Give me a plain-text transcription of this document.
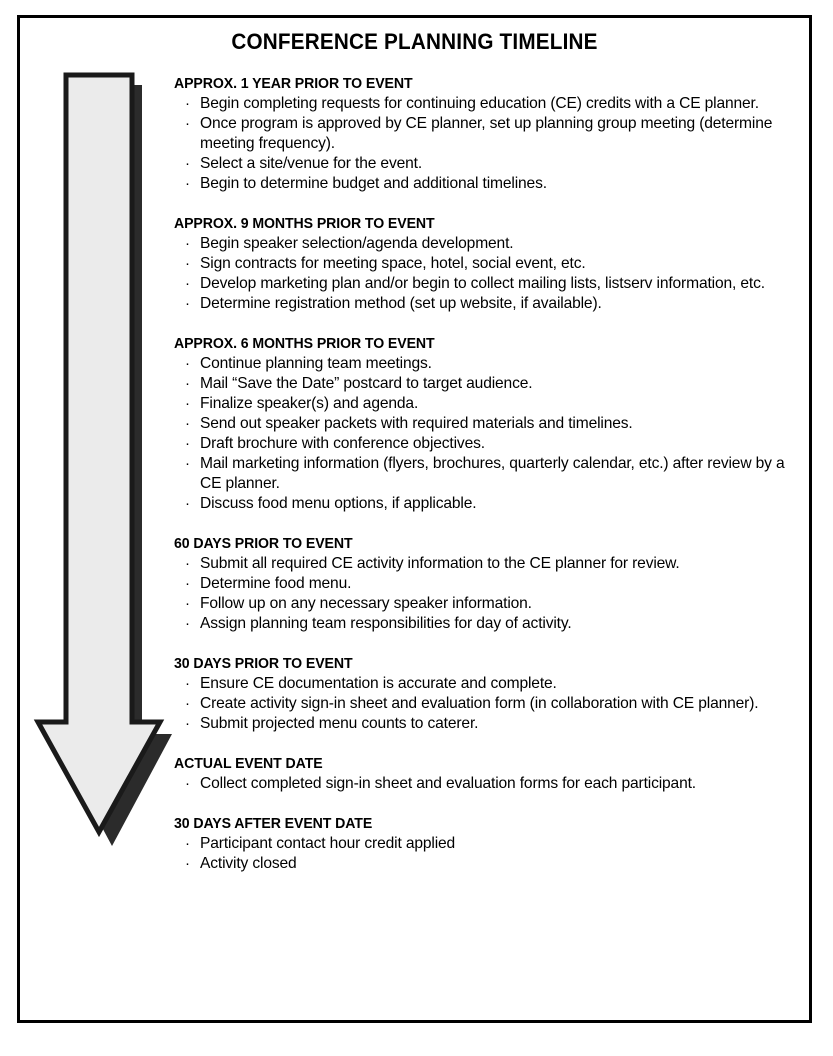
CONFERENCE PLANNING TIMELINE
APPROX. 1 YEAR PRIOR TO EVENT
· Begin completing requests for continuing education (CE) credits with a CE planner.
· Once program is approved by CE planner, set up planning group meeting (determine meeting frequency).
· Select a site/venue for the event.
· Begin to determine budget and additional timelines.
APPROX. 9 MONTHS PRIOR TO EVENT
· Begin speaker selection/agenda development.
· Sign contracts for meeting space, hotel, social event, etc.
· Develop marketing plan and/or begin to collect mailing lists, listserv information, etc.
· Determine registration method (set up website, if available).
APPROX. 6 MONTHS PRIOR TO EVENT
· Continue planning team meetings.
· Mail “Save the Date” postcard to target audience.
· Finalize speaker(s) and agenda.
· Send out speaker packets with required materials and timelines.
· Draft brochure with conference objectives.
· Mail marketing information (flyers, brochures, quarterly calendar, etc.) after review by a CE planner.
· Discuss food menu options, if applicable.
60 DAYS PRIOR TO EVENT
· Submit all required CE activity information to the CE planner for review.
· Determine food menu.
· Follow up on any necessary speaker information.
· Assign planning team responsibilities for day of activity.
30 DAYS PRIOR TO EVENT
· Ensure CE documentation is accurate and complete.
· Create activity sign-in sheet and evaluation form (in collaboration with CE planner).
· Submit projected menu counts to caterer.
ACTUAL EVENT DATE
· Collect completed sign-in sheet and evaluation forms for each participant.
30 DAYS AFTER EVENT DATE
· Participant contact hour credit applied
· Activity closed
